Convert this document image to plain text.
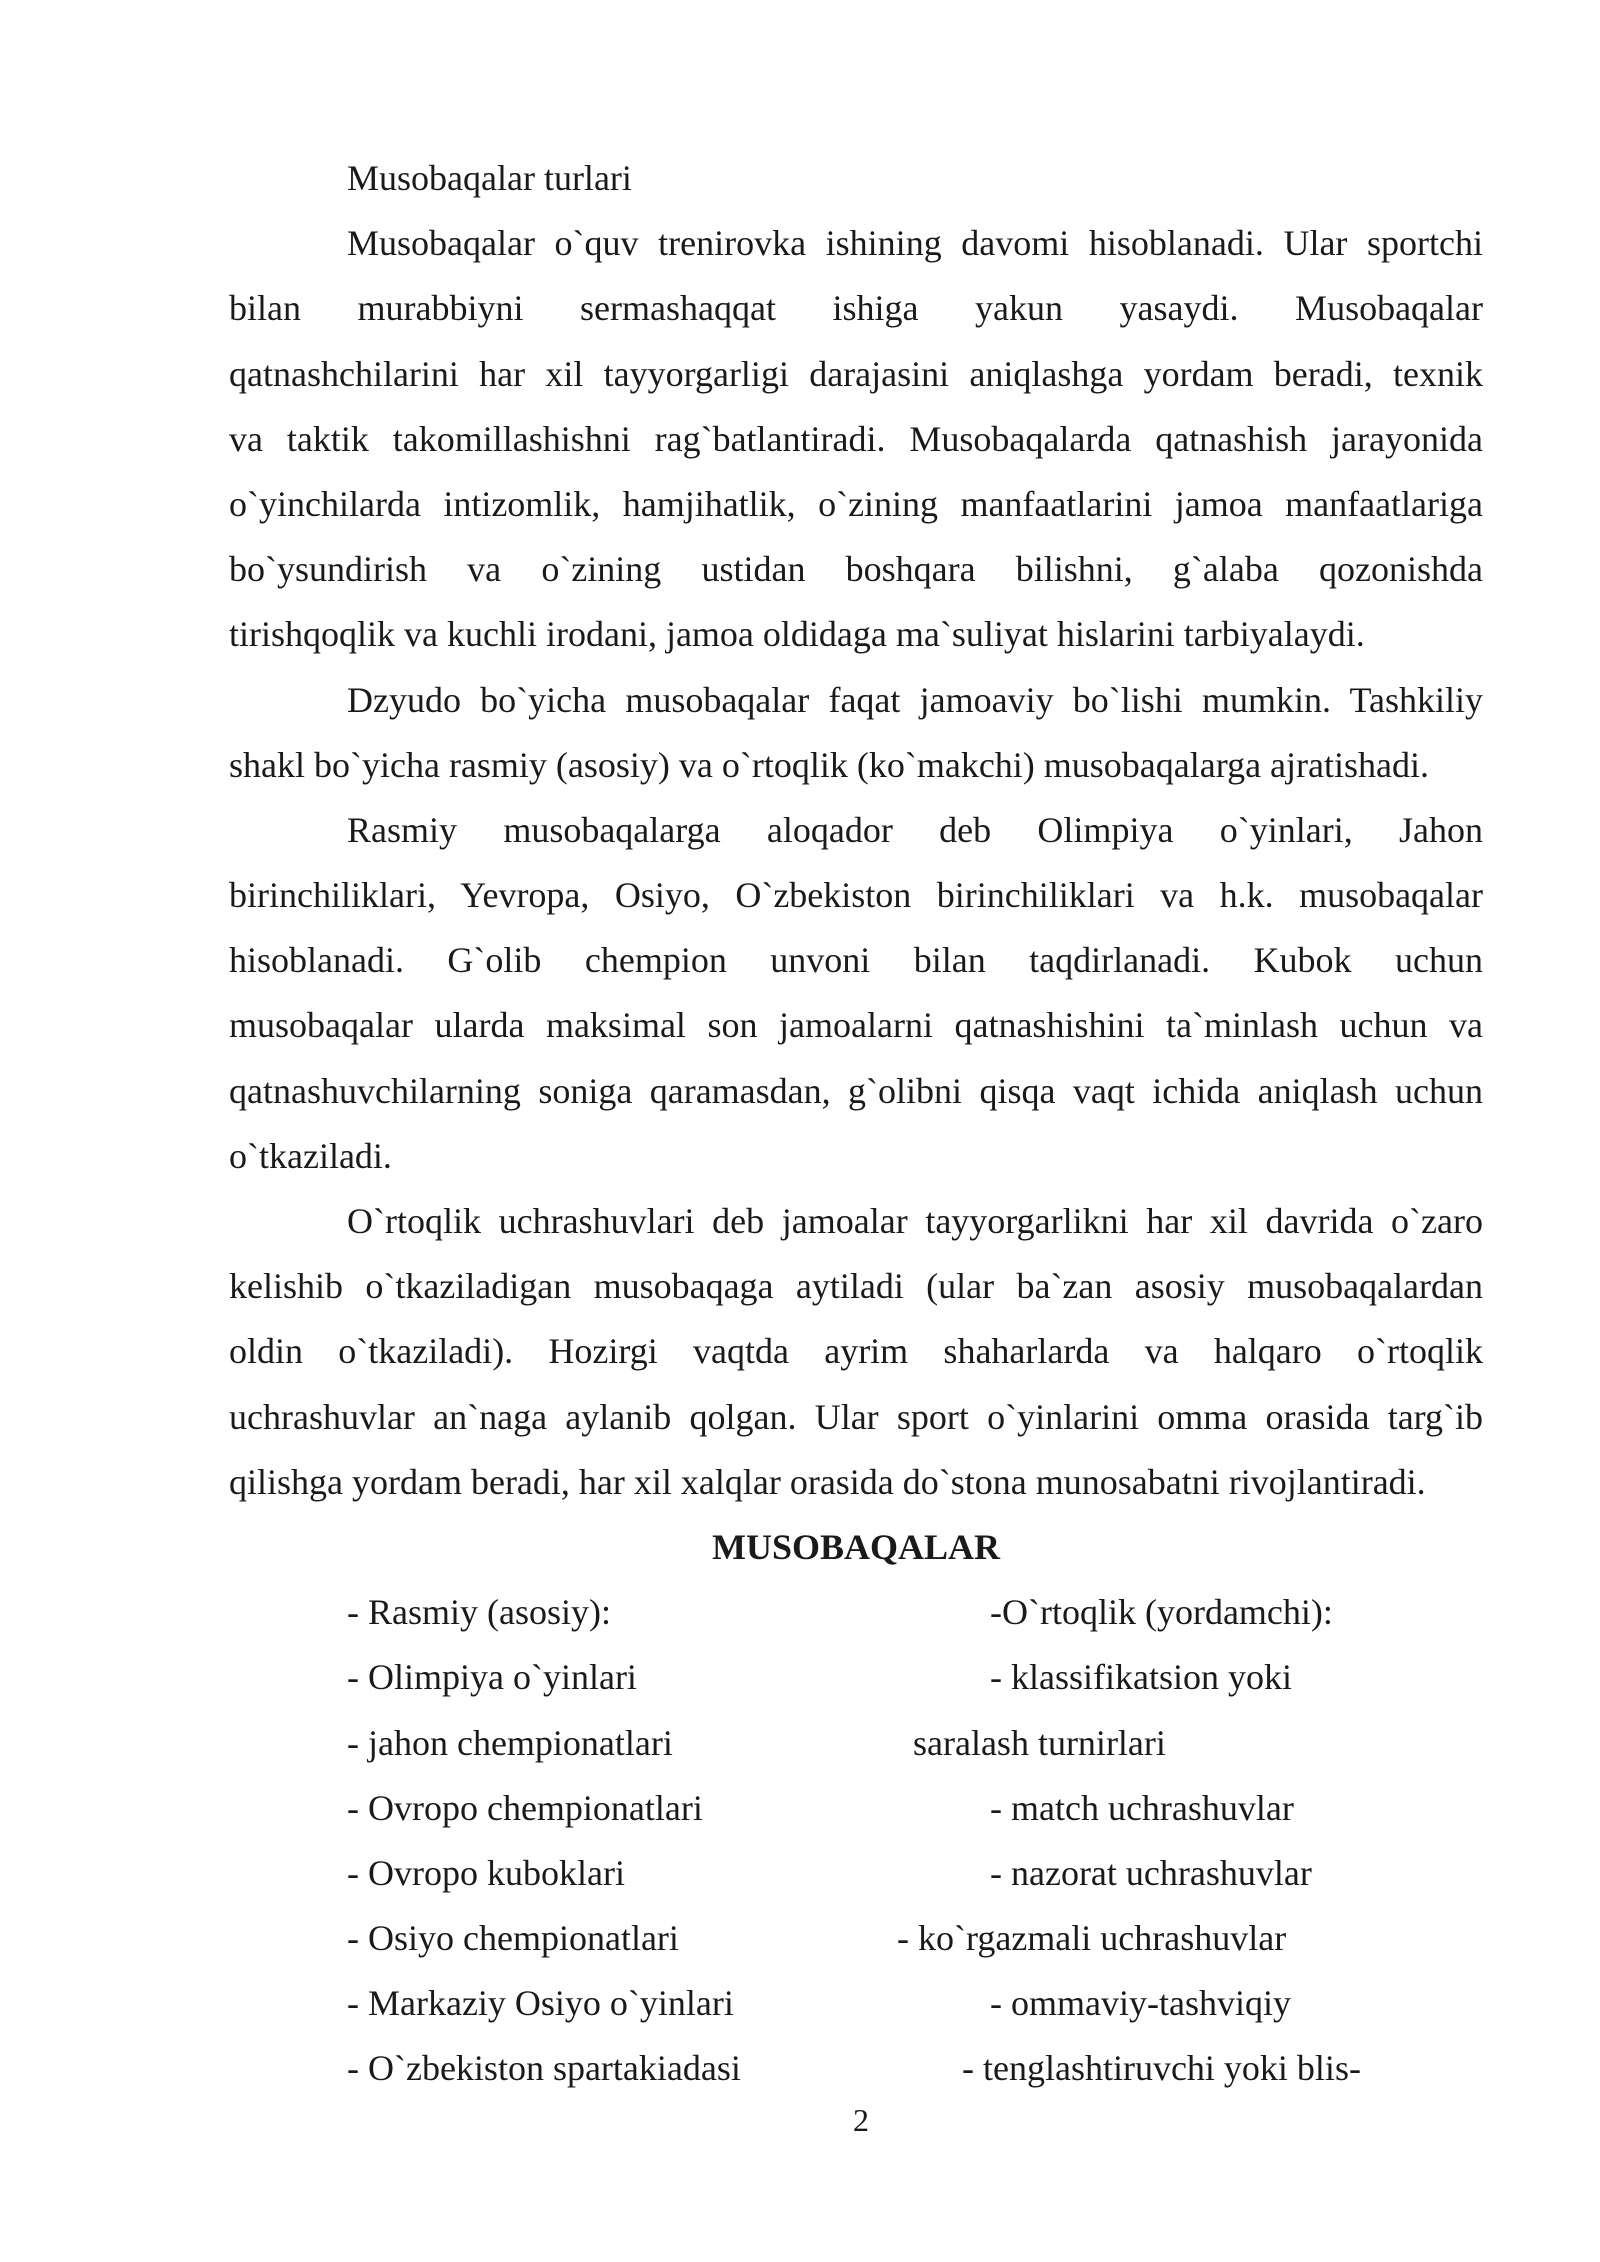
Musobaqalar turlari
Musobaqalar o`quv trenirovka ishining davomi hisoblanadi. Ular sportchi
bilan murabbiyni sermashaqqat ishiga yakun yasaydi. Musobaqalar
qatnashchilarini har xil tayyorgarligi darajasini aniqlashga yordam beradi, texnik
va taktik takomillashishni rag`batlantiradi. Musobaqalarda qatnashish jarayonida
o`yinchilarda intizomlik, hamjihatlik, o`zining manfaatlarini jamoa manfaatlariga
bo`ysundirish va o`zining ustidan boshqara bilishni, g`alaba qozonishda
tirishqoqlik va kuchli irodani, jamoa oldidaga ma`suliyat hislarini tarbiyalaydi.
Dzyudo bo`yicha musobaqalar faqat jamoaviy bo`lishi mumkin. Tashkiliy
shakl bo`yicha rasmiy (asosiy) va o`rtoqlik (ko`makchi) musobaqalarga ajratishadi.
Rasmiy musobaqalarga aloqador deb Olimpiya o`yinlari, Jahon
birinchiliklari, Yevropa, Osiyo, O`zbekiston birinchiliklari va h.k. musobaqalar
hisoblanadi. G`olib chempion unvoni bilan taqdirlanadi. Kubok uchun
musobaqalar ularda maksimal son jamoalarni qatnashishini ta`minlash uchun va
qatnashuvchilarning soniga qaramasdan, g`olibni qisqa vaqt ichida aniqlash uchun
o`tkaziladi.
O`rtoqlik uchrashuvlari deb jamoalar tayyorgarlikni har xil davrida o`zaro
kelishib o`tkaziladigan musobaqaga aytiladi (ular ba`zan asosiy musobaqalardan
oldin o`tkaziladi). Hozirgi vaqtda ayrim shaharlarda va halqaro o`rtoqlik
uchrashuvlar an`naga aylanib qolgan. Ular sport o`yinlarini omma orasida targ`ib
qilishga yordam beradi, har xil xalqlar orasida do`stona munosabatni rivojlantiradi.
MUSOBAQALAR
- Rasmiy (asosiy):	-O`rtoqlik (yordamchi):
- Olimpiya o`yinlari	- klassifikatsion yoki
- jahon chempionatlari	saralash turnirlari
- Ovropo chempionatlari	- match uchrashuvlar
- Ovropo kuboklari	- nazorat uchrashuvlar
- Osiyo chempionatlari	- ko`rgazmali uchrashuvlar
- Markaziy Osiyo o`yinlari	- ommaviy-tashviqiy
- O`zbekiston spartakiadasi	- tenglashtiruvchi yoki blis-
2
